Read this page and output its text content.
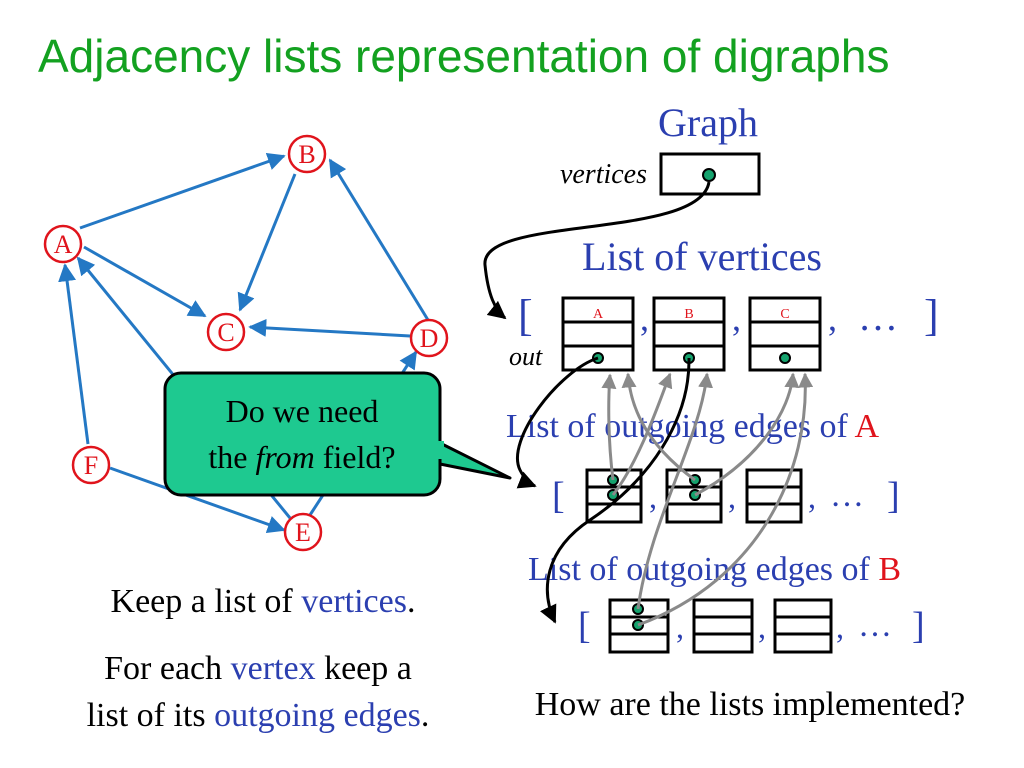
Adjacency lists representation of digraphs
B
A
C	D
F
E
Graph
vertices
List of vertices
[
out
A ,	B ,	C , … ]
List of outgoing edges of A
[	, , , … ]
List of outgoing edges of B
[	, , , … ]
Do we need
the from field?
Keep a list of vertices.
For each vertex keep a
list of its outgoing edges.	How are the lists implemented?
